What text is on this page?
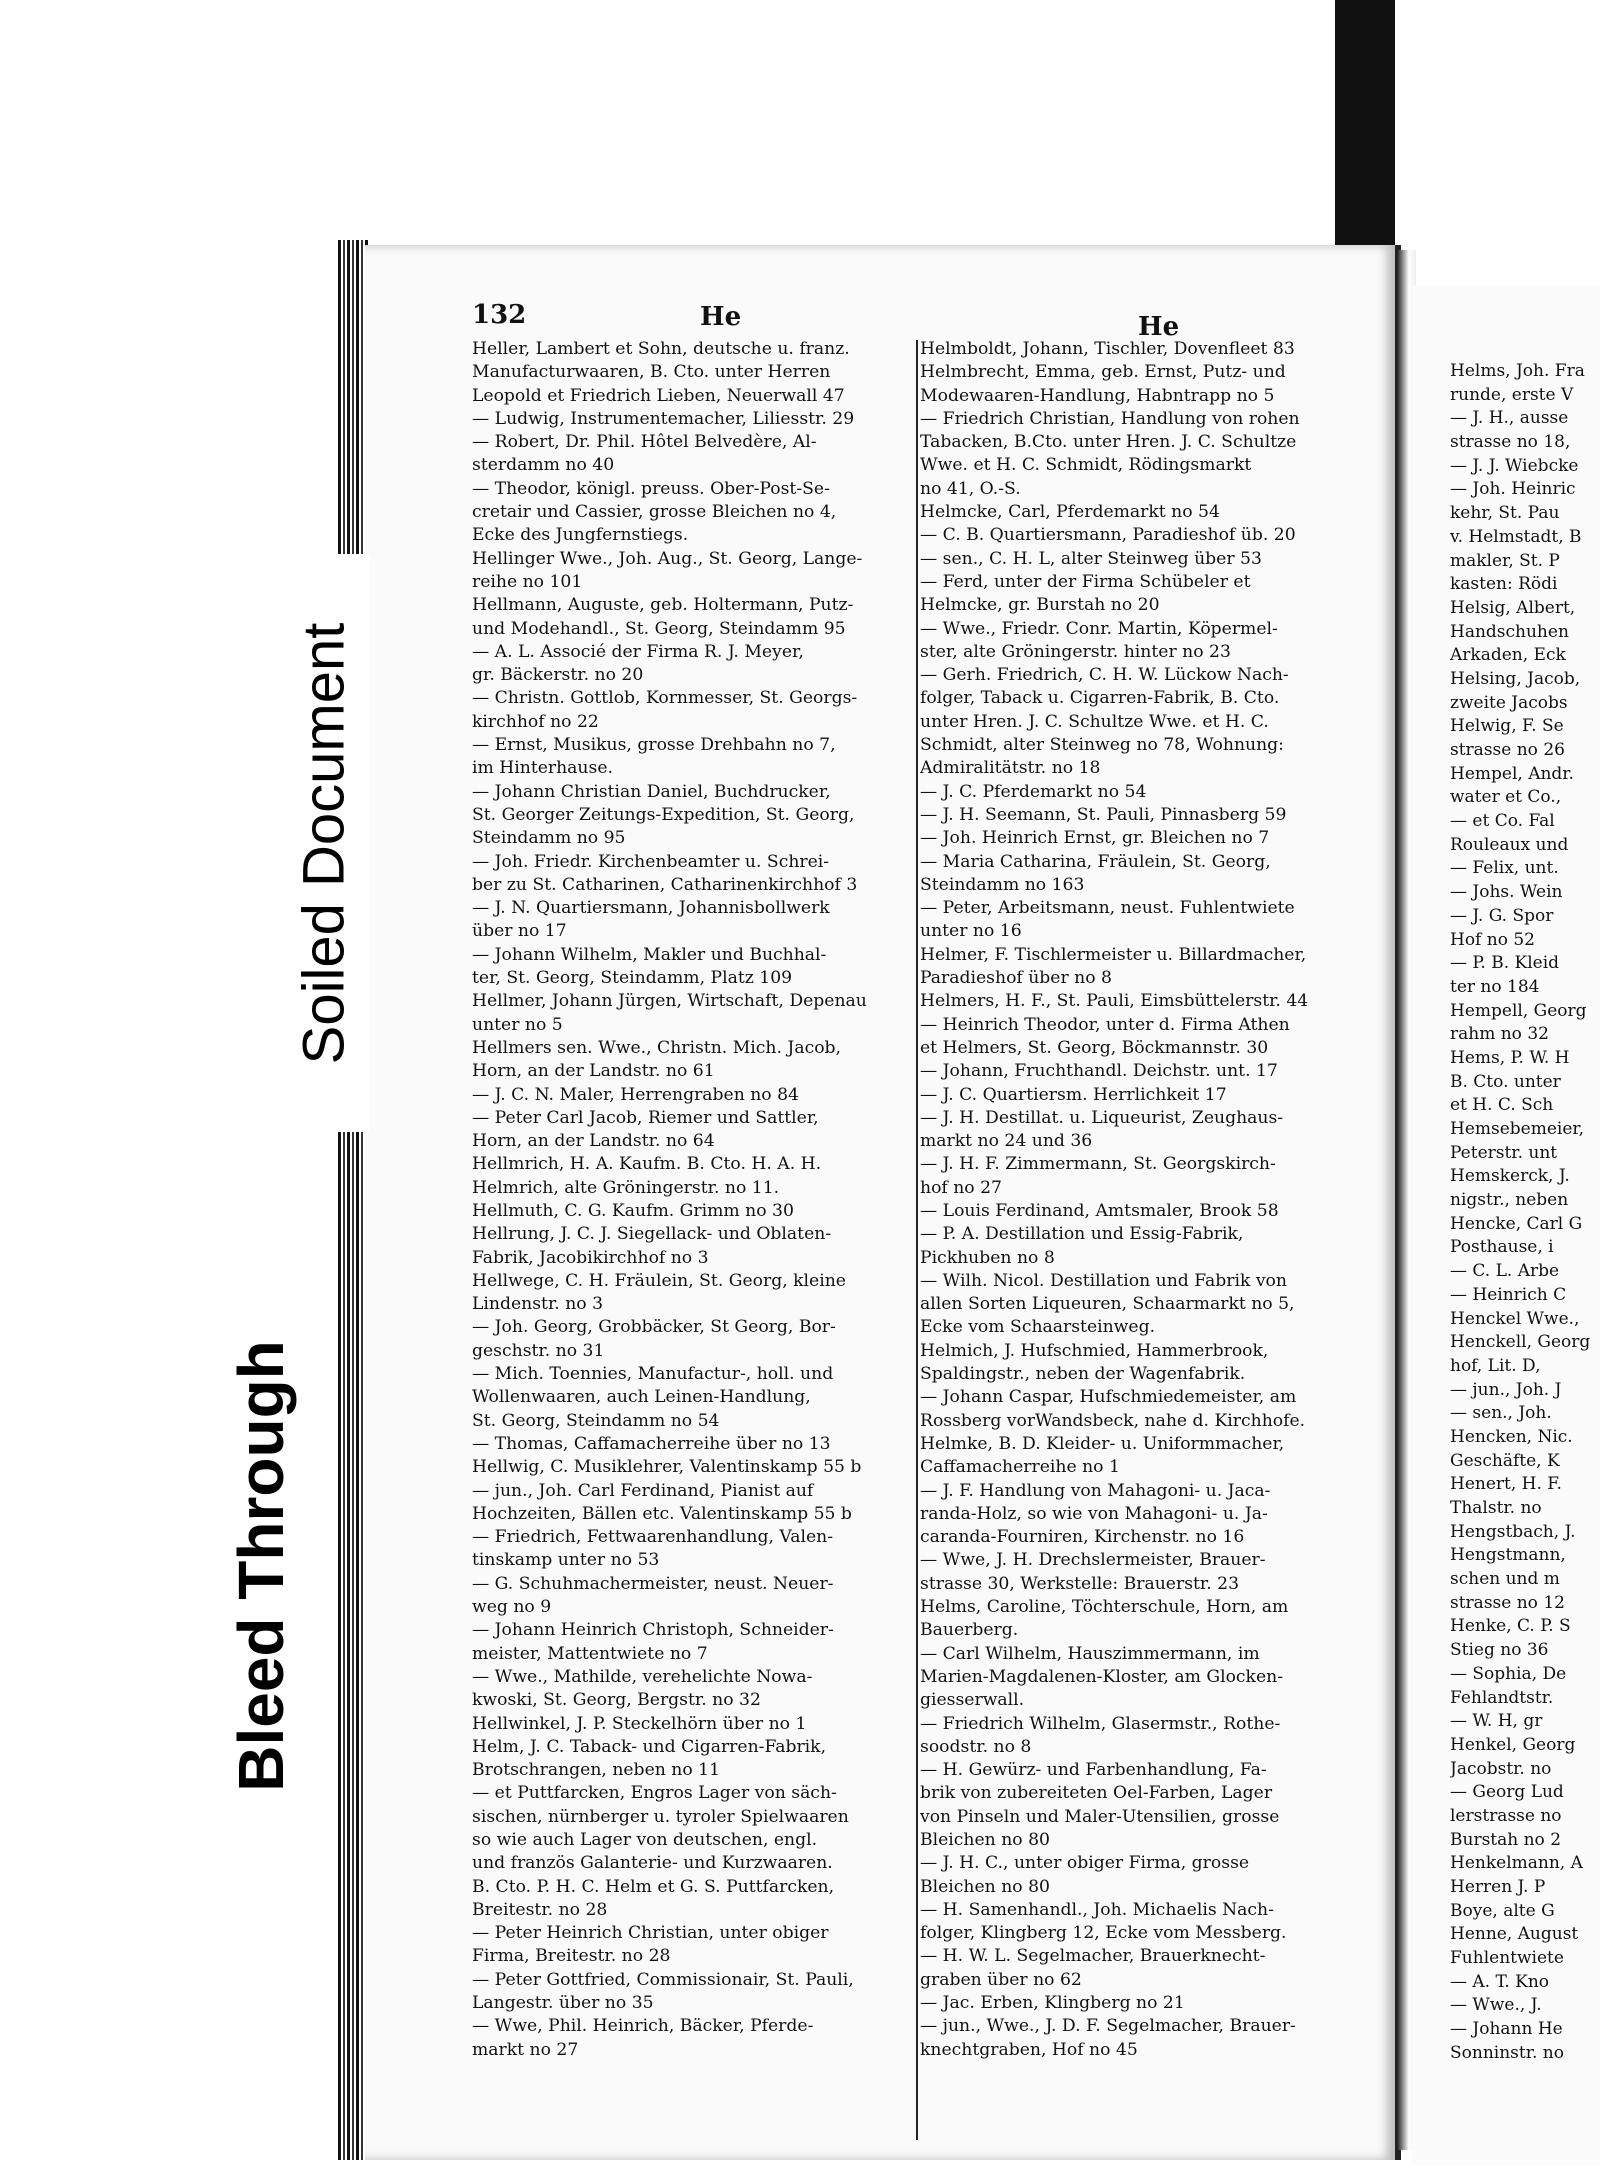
132	He	He
Heller, Lambert et Sohn, deutsche u. franz.
Manufacturwaaren, B. Cto. unter Herren
Leopold et Friedrich Lieben, Neuerwall 47
— Ludwig, Instrumentemacher, Liliesstr. 29
— Robert, Dr. Phil. Hôtel Belvedère, Al-
sterdamm no 40
— Theodor, königl. preuss. Ober-Post-Se-
cretair und Cassier, grosse Bleichen no 4,
Ecke des Jungfernstiegs.
Hellinger Wwe., Joh. Aug., St. Georg, Lange-
reihe no 101
Hellmann, Auguste, geb. Holtermann, Putz-
und Modehandl., St. Georg, Steindamm 95
— A. L. Associé der Firma R. J. Meyer,
gr. Bäckerstr. no 20
— Christn. Gottlob, Kornmesser, St. Georgs-
kirchhof no 22
— Ernst, Musikus, grosse Drehbahn no 7,
im Hinterhause.
— Johann Christian Daniel, Buchdrucker,
St. Georger Zeitungs-Expedition, St. Georg,
Steindamm no 95
— Joh. Friedr. Kirchenbeamter u. Schrei-
ber zu St. Catharinen, Catharinenkirchhof 3
— J. N. Quartiersmann, Johannisbollwerk
über no 17
— Johann Wilhelm, Makler und Buchhal-
ter, St. Georg, Steindamm, Platz 109
Hellmer, Johann Jürgen, Wirtschaft, Depenau
unter no 5
Hellmers sen. Wwe., Christn. Mich. Jacob,
Horn, an der Landstr. no 61
— J. C. N. Maler, Herrengraben no 84
— Peter Carl Jacob, Riemer und Sattler,
Horn, an der Landstr. no 64
Hellmrich, H. A. Kaufm. B. Cto. H. A. H.
Helmrich, alte Gröningerstr. no 11.
Hellmuth, C. G. Kaufm. Grimm no 30
Hellrung, J. C. J. Siegellack- und Oblaten-
Fabrik, Jacobikirchhof no 3
Hellwege, C. H. Fräulein, St. Georg, kleine
Lindenstr. no 3
— Joh. Georg, Grobbäcker, St Georg, Bor-
geschstr. no 31
— Mich. Toennies, Manufactur-, holl. und
Wollenwaaren, auch Leinen-Handlung,
St. Georg, Steindamm no 54
— Thomas, Caffamacherreihe über no 13
Hellwig, C. Musiklehrer, Valentinskamp 55 b
— jun., Joh. Carl Ferdinand, Pianist auf
Hochzeiten, Bällen etc. Valentinskamp 55 b
— Friedrich, Fettwaarenhandlung, Valen-
tinskamp unter no 53
— G. Schuhmachermeister, neust. Neuer-
weg no 9
— Johann Heinrich Christoph, Schneider-
meister, Mattentwiete no 7
— Wwe., Mathilde, verehelichte Nowa-
kwoski, St. Georg, Bergstr. no 32
Hellwinkel, J. P. Steckelhörn über no 1
Helm, J. C. Taback- und Cigarren-Fabrik,
Brotschrangen, neben no 11
— et Puttfarcken, Engros Lager von säch-
sischen, nürnberger u. tyroler Spielwaaren
so wie auch Lager von deutschen, engl.
und französ Galanterie- und Kurzwaaren.
B. Cto. P. H. C. Helm et G. S. Puttfarcken,
Breitestr. no 28
— Peter Heinrich Christian, unter obiger
Firma, Breitestr. no 28
— Peter Gottfried, Commissionair, St. Pauli,
Langestr. über no 35
— Wwe, Phil. Heinrich, Bäcker, Pferde-
markt no 27
Helmboldt, Johann, Tischler, Dovenfleet 83
Helmbrecht, Emma, geb. Ernst, Putz- und
Modewaaren-Handlung, Habntrapp no 5
— Friedrich Christian, Handlung von rohen
Tabacken, B.Cto. unter Hren. J. C. Schultze
Wwe. et H. C. Schmidt, Rödingsmarkt
no 41, O.-S.
Helmcke, Carl, Pferdemarkt no 54
— C. B. Quartiersmann, Paradieshof üb. 20
— sen., C. H. L, alter Steinweg über 53
— Ferd, unter der Firma Schübeler et
Helmcke, gr. Burstah no 20
— Wwe., Friedr. Conr. Martin, Köpermel-
ster, alte Gröningerstr. hinter no 23
— Gerh. Friedrich, C. H. W. Lückow Nach-
folger, Taback u. Cigarren-Fabrik, B. Cto.
unter Hren. J. C. Schultze Wwe. et H. C.
Schmidt, alter Steinweg no 78, Wohnung:
Admiralitätstr. no 18
— J. C. Pferdemarkt no 54
— J. H. Seemann, St. Pauli, Pinnasberg 59
— Joh. Heinrich Ernst, gr. Bleichen no 7
— Maria Catharina, Fräulein, St. Georg,
Steindamm no 163
— Peter, Arbeitsmann, neust. Fuhlentwiete
unter no 16
Helmer, F. Tischlermeister u. Billardmacher,
Paradieshof über no 8
Helmers, H. F., St. Pauli, Eimsbüttelerstr. 44
— Heinrich Theodor, unter d. Firma Athen
et Helmers, St. Georg, Böckmannstr. 30
— Johann, Fruchthandl. Deichstr. unt. 17
— J. C. Quartiersm. Herrlichkeit 17
— J. H. Destillat. u. Liqueurist, Zeughaus-
markt no 24 und 36
— J. H. F. Zimmermann, St. Georgskirch-
hof no 27
— Louis Ferdinand, Amtsmaler, Brook 58
— P. A. Destillation und Essig-Fabrik,
Pickhuben no 8
— Wilh. Nicol. Destillation und Fabrik von
allen Sorten Liqueuren, Schaarmarkt no 5,
Ecke vom Schaarsteinweg.
Helmich, J. Hufschmied, Hammerbrook,
Spaldingstr., neben der Wagenfabrik.
— Johann Caspar, Hufschmiedemeister, am
Rossberg vorWandsbeck, nahe d. Kirchhofe.
Helmke, B. D. Kleider- u. Uniformmacher,
Caffamacherreihe no 1
— J. F. Handlung von Mahagoni- u. Jaca-
randa-Holz, so wie von Mahagoni- u. Ja-
caranda-Fourniren, Kirchenstr. no 16
— Wwe, J. H. Drechslermeister, Brauer-
strasse 30, Werkstelle: Brauerstr. 23
Helms, Caroline, Töchterschule, Horn, am
Bauerberg.
— Carl Wilhelm, Hauszimmermann, im
Marien-Magdalenen-Kloster, am Glocken-
giesserwall.
— Friedrich Wilhelm, Glasermstr., Rothe-
soodstr. no 8
— H. Gewürz- und Farbenhandlung, Fa-
brik von zubereiteten Oel-Farben, Lager
von Pinseln und Maler-Utensilien, grosse
Bleichen no 80
— J. H. C., unter obiger Firma, grosse
Bleichen no 80
— H. Samenhandl., Joh. Michaelis Nach-
folger, Klingberg 12, Ecke vom Messberg.
— H. W. L. Segelmacher, Brauerknecht-
graben über no 62
— Jac. Erben, Klingberg no 21
— jun., Wwe., J. D. F. Segelmacher, Brauer-
knechtgraben, Hof no 45
Helms, Joh. Fra
runde, erste V
— J. H., ausse
strasse no 18,
— J. J. Wiebcke
— Joh. Heinric
kehr, St. Pau
v. Helmstadt, B
makler, St. P
kasten: Rödi
Helsig, Albert,
Handschuhen
Arkaden, Eck
Helsing, Jacob,
zweite Jacobs
Helwig, F. Se
strasse no 26
Hempel, Andr.
water et Co.,
— et Co. Fal
Rouleaux und
— Felix, unt.
— Johs. Wein
— J. G. Spor
Hof no 52
— P. B. Kleid
ter no 184
Hempell, Georg
rahm no 32
Hems, P. W. H
B. Cto. unter
et H. C. Sch
Hemsebemeier,
Peterstr. unt
Hemskerck, J.
nigstr., neben
Hencke, Carl G
Posthause, i
— C. L. Arbe
— Heinrich C
Henckel Wwe.,
Henckell, Georg
hof, Lit. D,
— jun., Joh. J
— sen., Joh.
Hencken, Nic.
Geschäfte, K
Henert, H. F.
Thalstr. no
Hengstbach, J.
Hengstmann,
schen und m
strasse no 12
Henke, C. P. S
Stieg no 36
— Sophia, De
Fehlandtstr.
— W. H, gr
Henkel, Georg
Jacobstr. no
— Georg Lud
lerstrasse no
Burstah no 2
Henkelmann, A
Herren J. P
Boye, alte G
Henne, August
Fuhlentwiete
— A. T. Kno
— Wwe., J.
— Johann He
Sonninstr. no
Soiled Document
Bleed Through
